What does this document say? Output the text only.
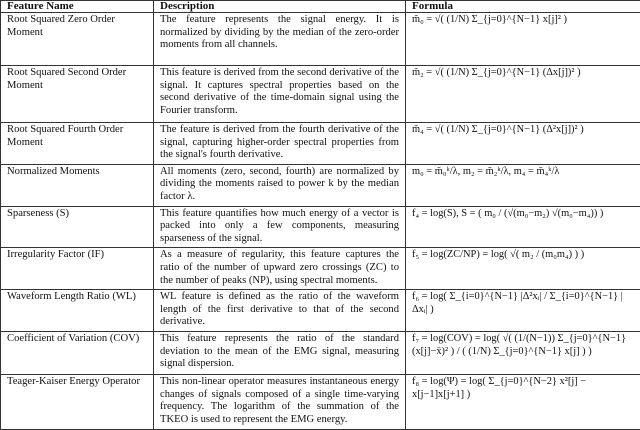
Feature Name	Description	Formula
Root Squared Zero Order Moment	The feature represents the signal energy. It is normalized by dividing by the median of the zero-order moments from all channels.	m̃₀ = √( (1/N) Σ_{j=0}^{N−1} x[j]² )
Root Squared Second Order Moment	This feature is derived from the second derivative of the signal. It captures spectral properties based on the second derivative of the time-domain signal using the Fourier transform.	m̃₂ = √( (1/N) Σ_{j=0}^{N−1} (Δx[j])² )
Root Squared Fourth Order Moment	The feature is derived from the fourth derivative of the signal, capturing higher-order spectral properties from the signal's fourth derivative.	m̃₄ = √( (1/N) Σ_{j=0}^{N−1} (Δ²x[j])² )
Normalized Moments	All moments (zero, second, fourth) are normalized by dividing the moments raised to power k by the median factor λ.	m₀ = m̃₀ᵏ/λ, m₂ = m̃₂ᵏ/λ, m₄ = m̃₄ᵏ/λ
Sparseness (S)	This feature quantifies how much energy of a vector is packed into only a few components, measuring sparseness of the signal.	f₄ = log(S), S = ( m₀ / (√(m₀−m₂) √(m₀−m₄)) )
Irregularity Factor (IF)	As a measure of regularity, this feature captures the ratio of the number of upward zero crossings (ZC) to the number of peaks (NP), using spectral moments.	f₅ = log(ZC/NP) = log( √( m₂ / (m₀m₄) ) )
Waveform Length Ratio (WL)	WL feature is defined as the ratio of the waveform length of the first derivative to that of the second derivative.	f₆ = log( Σ_{i=0}^{N−1} |Δ²xᵢ| / Σ_{i=0}^{N−1} |Δxᵢ| )
Coefficient of Variation (COV)	This feature represents the ratio of the standard deviation to the mean of the EMG signal, measuring signal dispersion.	f₇ = log(COV) = log( √( (1/(N−1)) Σ_{j=0}^{N−1} (x[j]−x̄)² ) / ( (1/N) Σ_{j=0}^{N−1} x[j] ) )
Teager-Kaiser Energy Operator	This non-linear operator measures instantaneous energy changes of signals composed of a single time-varying frequency. The logarithm of the summation of the TKEO is used to represent the EMG energy.	f₈ = log(Ψ) = log( Σ_{j=0}^{N−2} x²[j] − x[j−1]x[j+1] )
